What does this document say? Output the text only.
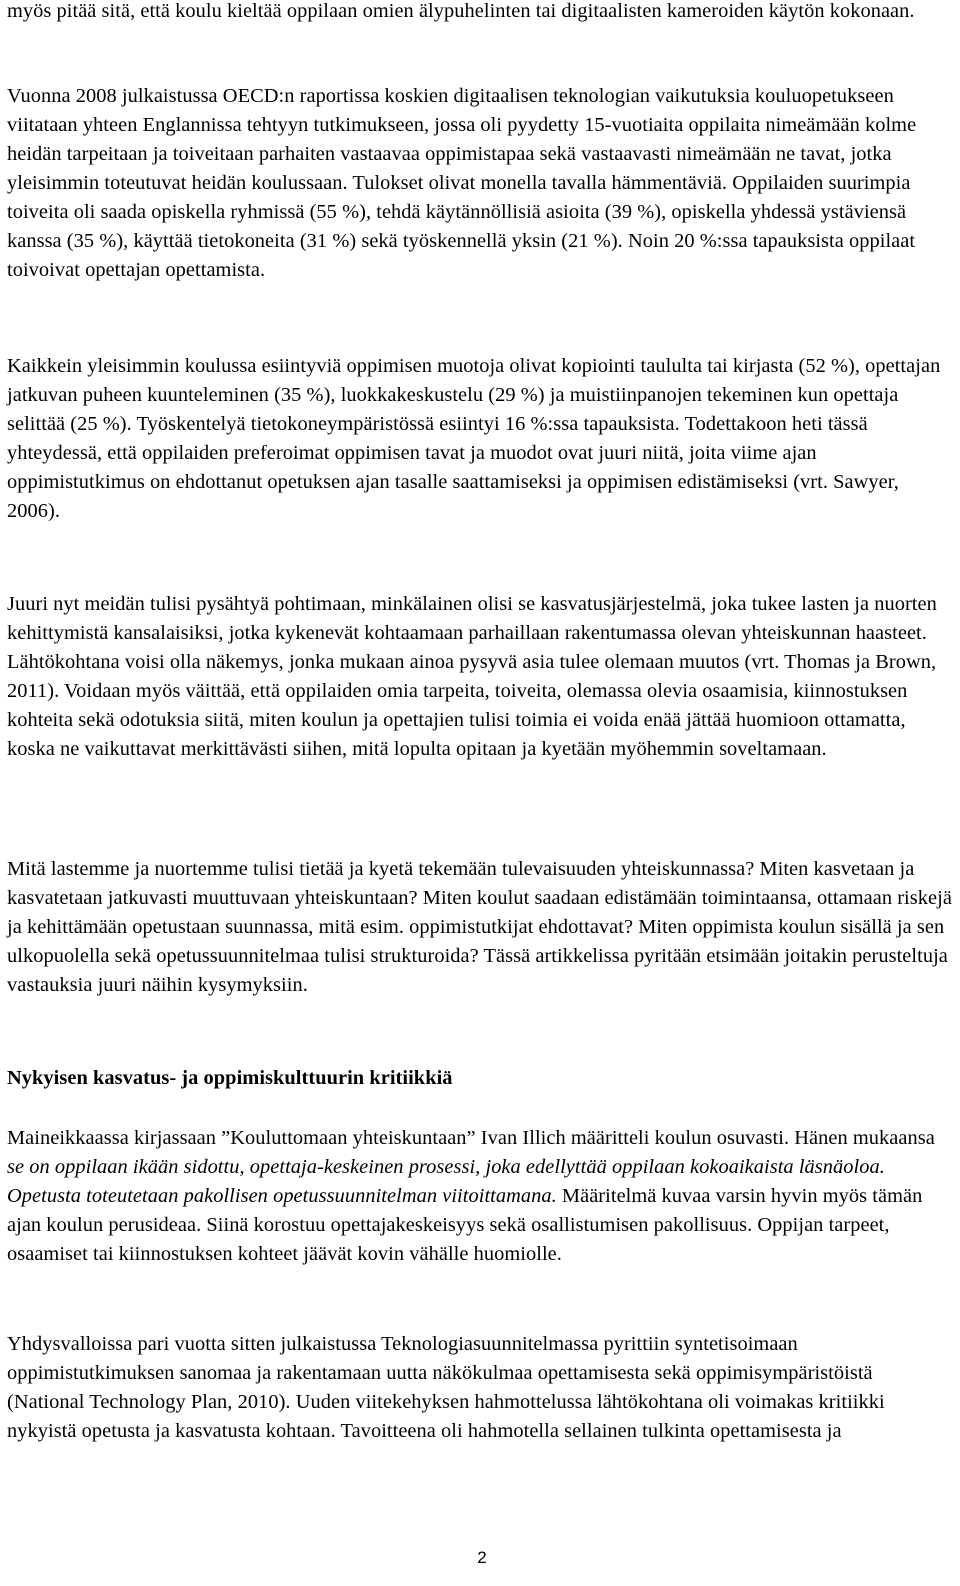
myös pitää sitä, että koulu kieltää oppilaan omien älypuhelinten tai digitaalisten kameroiden käytön kokonaan.

Vuonna 2008 julkaistussa OECD:n raportissa koskien digitaalisen teknologian vaikutuksia kouluopetukseen viitataan yhteen Englannissa tehtyyn tutkimukseen, jossa oli pyydetty 15-vuotiaita oppilaita nimeämään kolme heidän tarpeitaan ja toiveitaan parhaiten vastaavaa oppimistapaa sekä vastaavasti nimeämään ne tavat, jotka yleisimmin toteutuvat heidän koulussaan. Tulokset olivat monella tavalla hämmentäviä. Oppilaiden suurimpia toiveita oli saada opiskella ryhmissä (55 %), tehdä käytännöllisiä asioita (39 %), opiskella yhdessä ystäviensä kanssa (35 %), käyttää tietokoneita (31 %) sekä työskennellä yksin (21 %). Noin 20 %:ssa tapauksista oppilaat toivoivat opettajan opettamista.

Kaikkein yleisimmin koulussa esiintyviä oppimisen muotoja olivat kopiointi taululta tai kirjasta (52 %), opettajan jatkuvan puheen kuunteleminen (35 %), luokkakeskustelu (29 %) ja muistiinpanojen tekeminen kun opettaja selittää (25 %). Työskentelyä tietokoneympäristössä esiintyi 16 %:ssa tapauksista. Todettakoon heti tässä yhteydessä, että oppilaiden preferoimat oppimisen tavat ja muodot ovat juuri niitä, joita viime ajan oppimistutkimus on ehdottanut opetuksen ajan tasalle saattamiseksi ja oppimisen edistämiseksi (vrt. Sawyer, 2006).

Juuri nyt meidän tulisi pysähtyä pohtimaan, minkälainen olisi se kasvatusjärjestelmä, joka tukee lasten ja nuorten kehittymistä kansalaisiksi, jotka kykenevät kohtaamaan parhaillaan rakentumassa olevan yhteiskunnan haasteet. Lähtökohtana voisi olla näkemys, jonka mukaan ainoa pysyvä asia tulee olemaan muutos (vrt. Thomas ja Brown, 2011). Voidaan myös väittää, että oppilaiden omia tarpeita, toiveita, olemassa olevia osaamisia, kiinnostuksen kohteita sekä odotuksia siitä, miten koulun ja opettajien tulisi toimia ei voida enää jättää huomioon ottamatta, koska ne vaikuttavat merkittävästi siihen, mitä lopulta opitaan ja kyetään myöhemmin soveltamaan.

Mitä lastemme ja nuortemme tulisi tietää ja kyetä tekemään tulevaisuuden yhteiskunnassa? Miten kasvetaan ja kasvatetaan jatkuvasti muuttuvaan yhteiskuntaan? Miten koulut saadaan edistämään toimintaansa, ottamaan riskejä ja kehittämään opetustaan suunnassa, mitä esim. oppimistutkijat ehdottavat? Miten oppimista koulun sisällä ja sen ulkopuolella sekä opetussuunnitelmaa tulisi strukturoida? Tässä artikkelissa pyritään etsimään joitakin perusteltuja vastauksia juuri näihin kysymyksiin.

Nykyisen kasvatus- ja oppimiskulttuurin kritiikkiä

Maineikkaassa kirjassaan ”Kouluttomaan yhteiskuntaan” Ivan Illich määritteli koulun osuvasti. Hänen mukaansa se on oppilaan ikään sidottu, opettaja-keskeinen prosessi, joka edellyttää oppilaan kokoaikaista läsnäoloa. Opetusta toteutetaan pakollisen opetussuunnitelman viitoittamana. Määritelmä kuvaa varsin hyvin myös tämän ajan koulun perusideaa. Siinä korostuu opettajakeskeisyys sekä osallistumisen pakollisuus. Oppijan tarpeet, osaamiset tai kiinnostuksen kohteet jäävät kovin vähälle huomiolle.

Yhdysvalloissa pari vuotta sitten julkaistussa Teknologiasuunnitelmassa pyrittiin syntetisoimaan oppimistutkimuksen sanomaa ja rakentamaan uutta näkökulmaa opettamisesta sekä oppimisympäristöistä (National Technology Plan, 2010). Uuden viitekehyksen hahmottelussa lähtökohtana oli voimakas kritiikki nykyistä opetusta ja kasvatusta kohtaan. Tavoitteena oli hahmotella sellainen tulkinta opettamisesta ja

2
